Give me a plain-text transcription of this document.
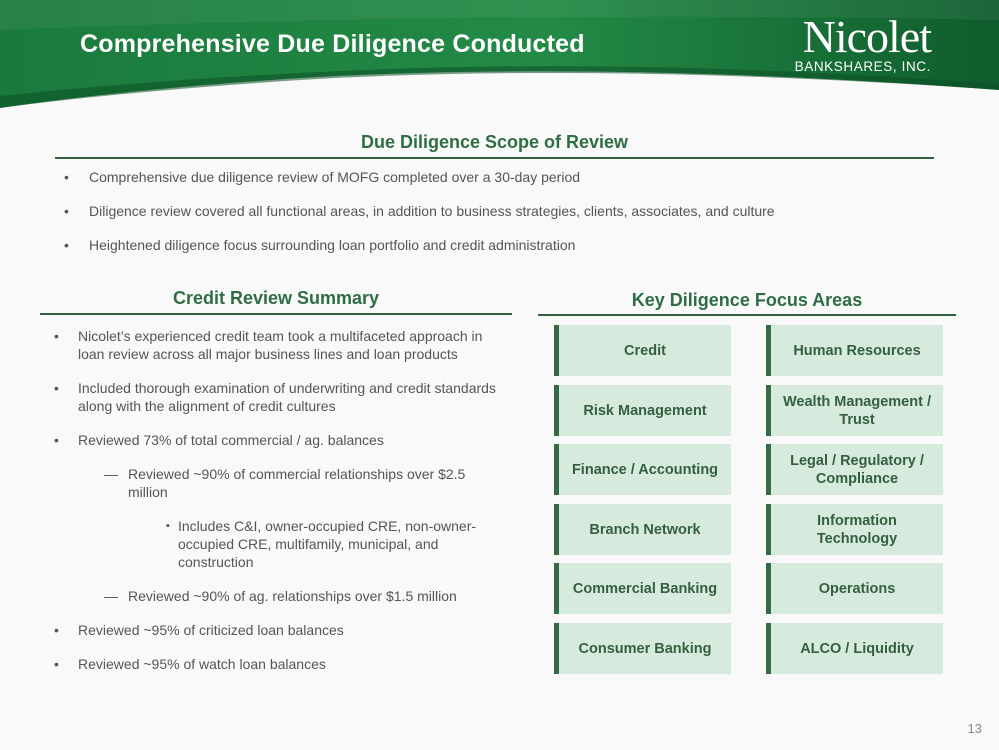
Comprehensive Due Diligence Conducted	Nicolet
BANKSHARES, INC.
Due Diligence Scope of Review
• Comprehensive due diligence review of MOFG completed over a 30-day period
• Diligence review covered all functional areas, in addition to business strategies, clients, associates, and culture
• Heightened diligence focus surrounding loan portfolio and credit administration
Credit Review Summary
• Nicolet’s experienced credit team took a multifaceted approach in loan review across all major business lines and loan products
• Included thorough examination of underwriting and credit standards along with the alignment of credit cultures
• Reviewed 73% of total commercial / ag. balances
— Reviewed ~90% of commercial relationships over $2.5 million
▪ Includes C&I, owner-occupied CRE, non-owner-occupied CRE, multifamily, municipal, and construction
— Reviewed ~90% of ag. relationships over $1.5 million
• Reviewed ~95% of criticized loan balances
• Reviewed ~95% of watch loan balances
Key Diligence Focus Areas
Credit
Risk Management
Finance / Accounting
Branch Network
Commercial Banking
Consumer Banking
Human Resources
Wealth Management / Trust
Legal / Regulatory / Compliance
Information Technology
Operations
ALCO / Liquidity
13
